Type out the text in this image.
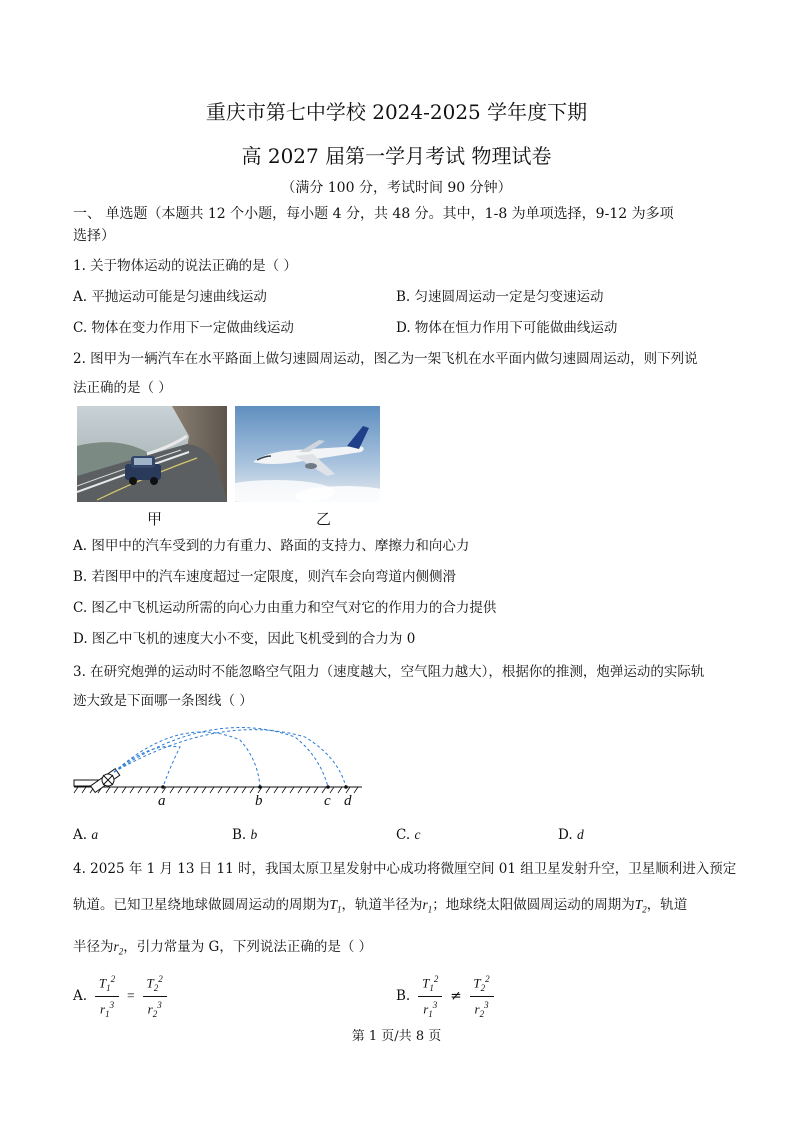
重庆市第七中学校 2024-2025 学年度下期
高 2027 届第一学月考试 物理试卷
（满分 100 分，考试时间 90 分钟）
一、 单选题（本题共 12 个小题，每小题 4 分，共 48 分。其中，1-8 为单项选择，9-12 为多项
选择）
1. 关于物体运动的说法正确的是（ ）
A. 平抛运动可能是匀速曲线运动	B. 匀速圆周运动一定是匀变速运动
C. 物体在变力作用下一定做曲线运动	D. 物体在恒力作用下可能做曲线运动
2. 图甲为一辆汽车在水平路面上做匀速圆周运动，图乙为一架飞机在水平面内做匀速圆周运动，则下列说
法正确的是（ ）
甲	乙
A. 图甲中的汽车受到的力有重力、路面的支持力、摩擦力和向心力
B. 若图甲中的汽车速度超过一定限度，则汽车会向弯道内侧侧滑
C. 图乙中飞机运动所需的向心力由重力和空气对它的作用力的合力提供
D. 图乙中飞机的速度大小不变，因此飞机受到的合力为 0
3. 在研究炮弹的运动时不能忽略空气阻力（速度越大，空气阻力越大），根据你的推测，炮弹运动的实际轨
迹大致是下面哪一条图线（ ）
a	b	c d
A. a	B. b	C. c	D. d
4. 2025 年 1 月 13 日 11 时，我国太原卫星发射中心成功将微厘空间 01 组卫星发射升空，卫星顺利进入预定
轨道。已知卫星绕地球做圆周运动的周期为$T_1$，轨道半径为$r_1$；地球绕太阳做圆周运动的周期为$T_2$，轨道
半径为$r_2$，引力常量为 G，下列说法正确的是（ ）
A. $\frac{T_1^2}{r_1^3} = \frac{T_2^2}{r_2^3}$	B. $\frac{T_1^2}{r_1^3} \ne \frac{T_2^2}{r_2^3}$
第 1 页/共 8 页
